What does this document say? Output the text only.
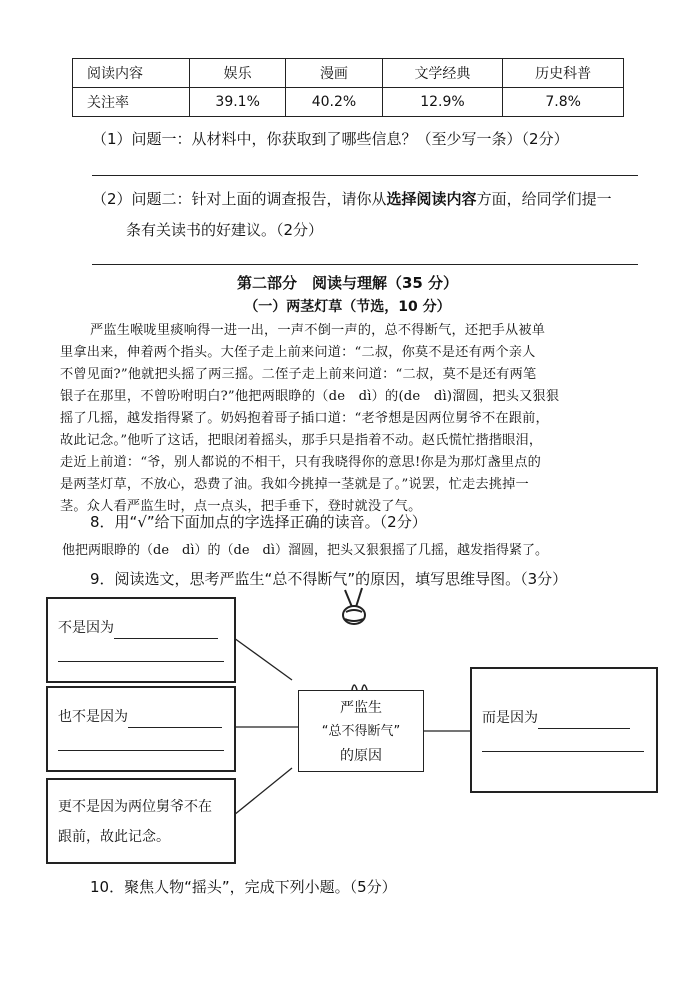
阅读内容	娱乐	漫画	文学经典	历史科普
关注率	39.1%	40.2%	12.9%	7.8%
（1）问题一：从材料中，你获取到了哪些信息？（至少写一条）（2分）
（2）问题二：针对上面的调查报告，请你从选择阅读内容方面，给同学们提一
条有关读书的好建议。（2分）
第二部分　阅读与理解（35 分）
（一）两茎灯草（节选，10 分）

严监生喉咙里痰响得一进一出，一声不倒一声的，总不得断气，还把手从被单

里拿出来，伸着两个指头。大侄子走上前来问道：“二叔，你莫不是还有两个亲人

不曾见面?”他就把头摇了两三摇。二侄子走上前来问道：“二叔，莫不是还有两笔

银子在那里，不曾吩咐明白?”他把两眼睁的（de　dì）的(de　dì)溜圆，把头又狠狠

摇了几摇，越发指得紧了。奶妈抱着哥子插口道：“老爷想是因两位舅爷不在跟前，

故此记念。”他听了这话，把眼闭着摇头，那手只是指着不动。赵氏慌忙揩揩眼泪，

走近上前道：“爷，别人都说的不相干，只有我晓得你的意思!你是为那灯盏里点的

是两茎灯草，不放心，恐费了油。我如今挑掉一茎就是了。”说罢，忙走去挑掉一

茎。众人看严监生时，点一点头，把手垂下，登时就没了气。

8．用“√”给下面加点的字选择正确的读音。（2分）
他把两眼睁的（de　dì）的（de　dì）溜圆，把头又狠狠摇了几摇，越发指得紧了。
9．阅读选文，思考严监生“总不得断气”的原因，填写思维导图。（3分）
不是因为
也不是因为
更不是因为两位舅爷不在
跟前，故此记念。
严监生
“总不得断气”
的原因
而是因为
10．聚焦人物“摇头”，完成下列小题。（5分）
